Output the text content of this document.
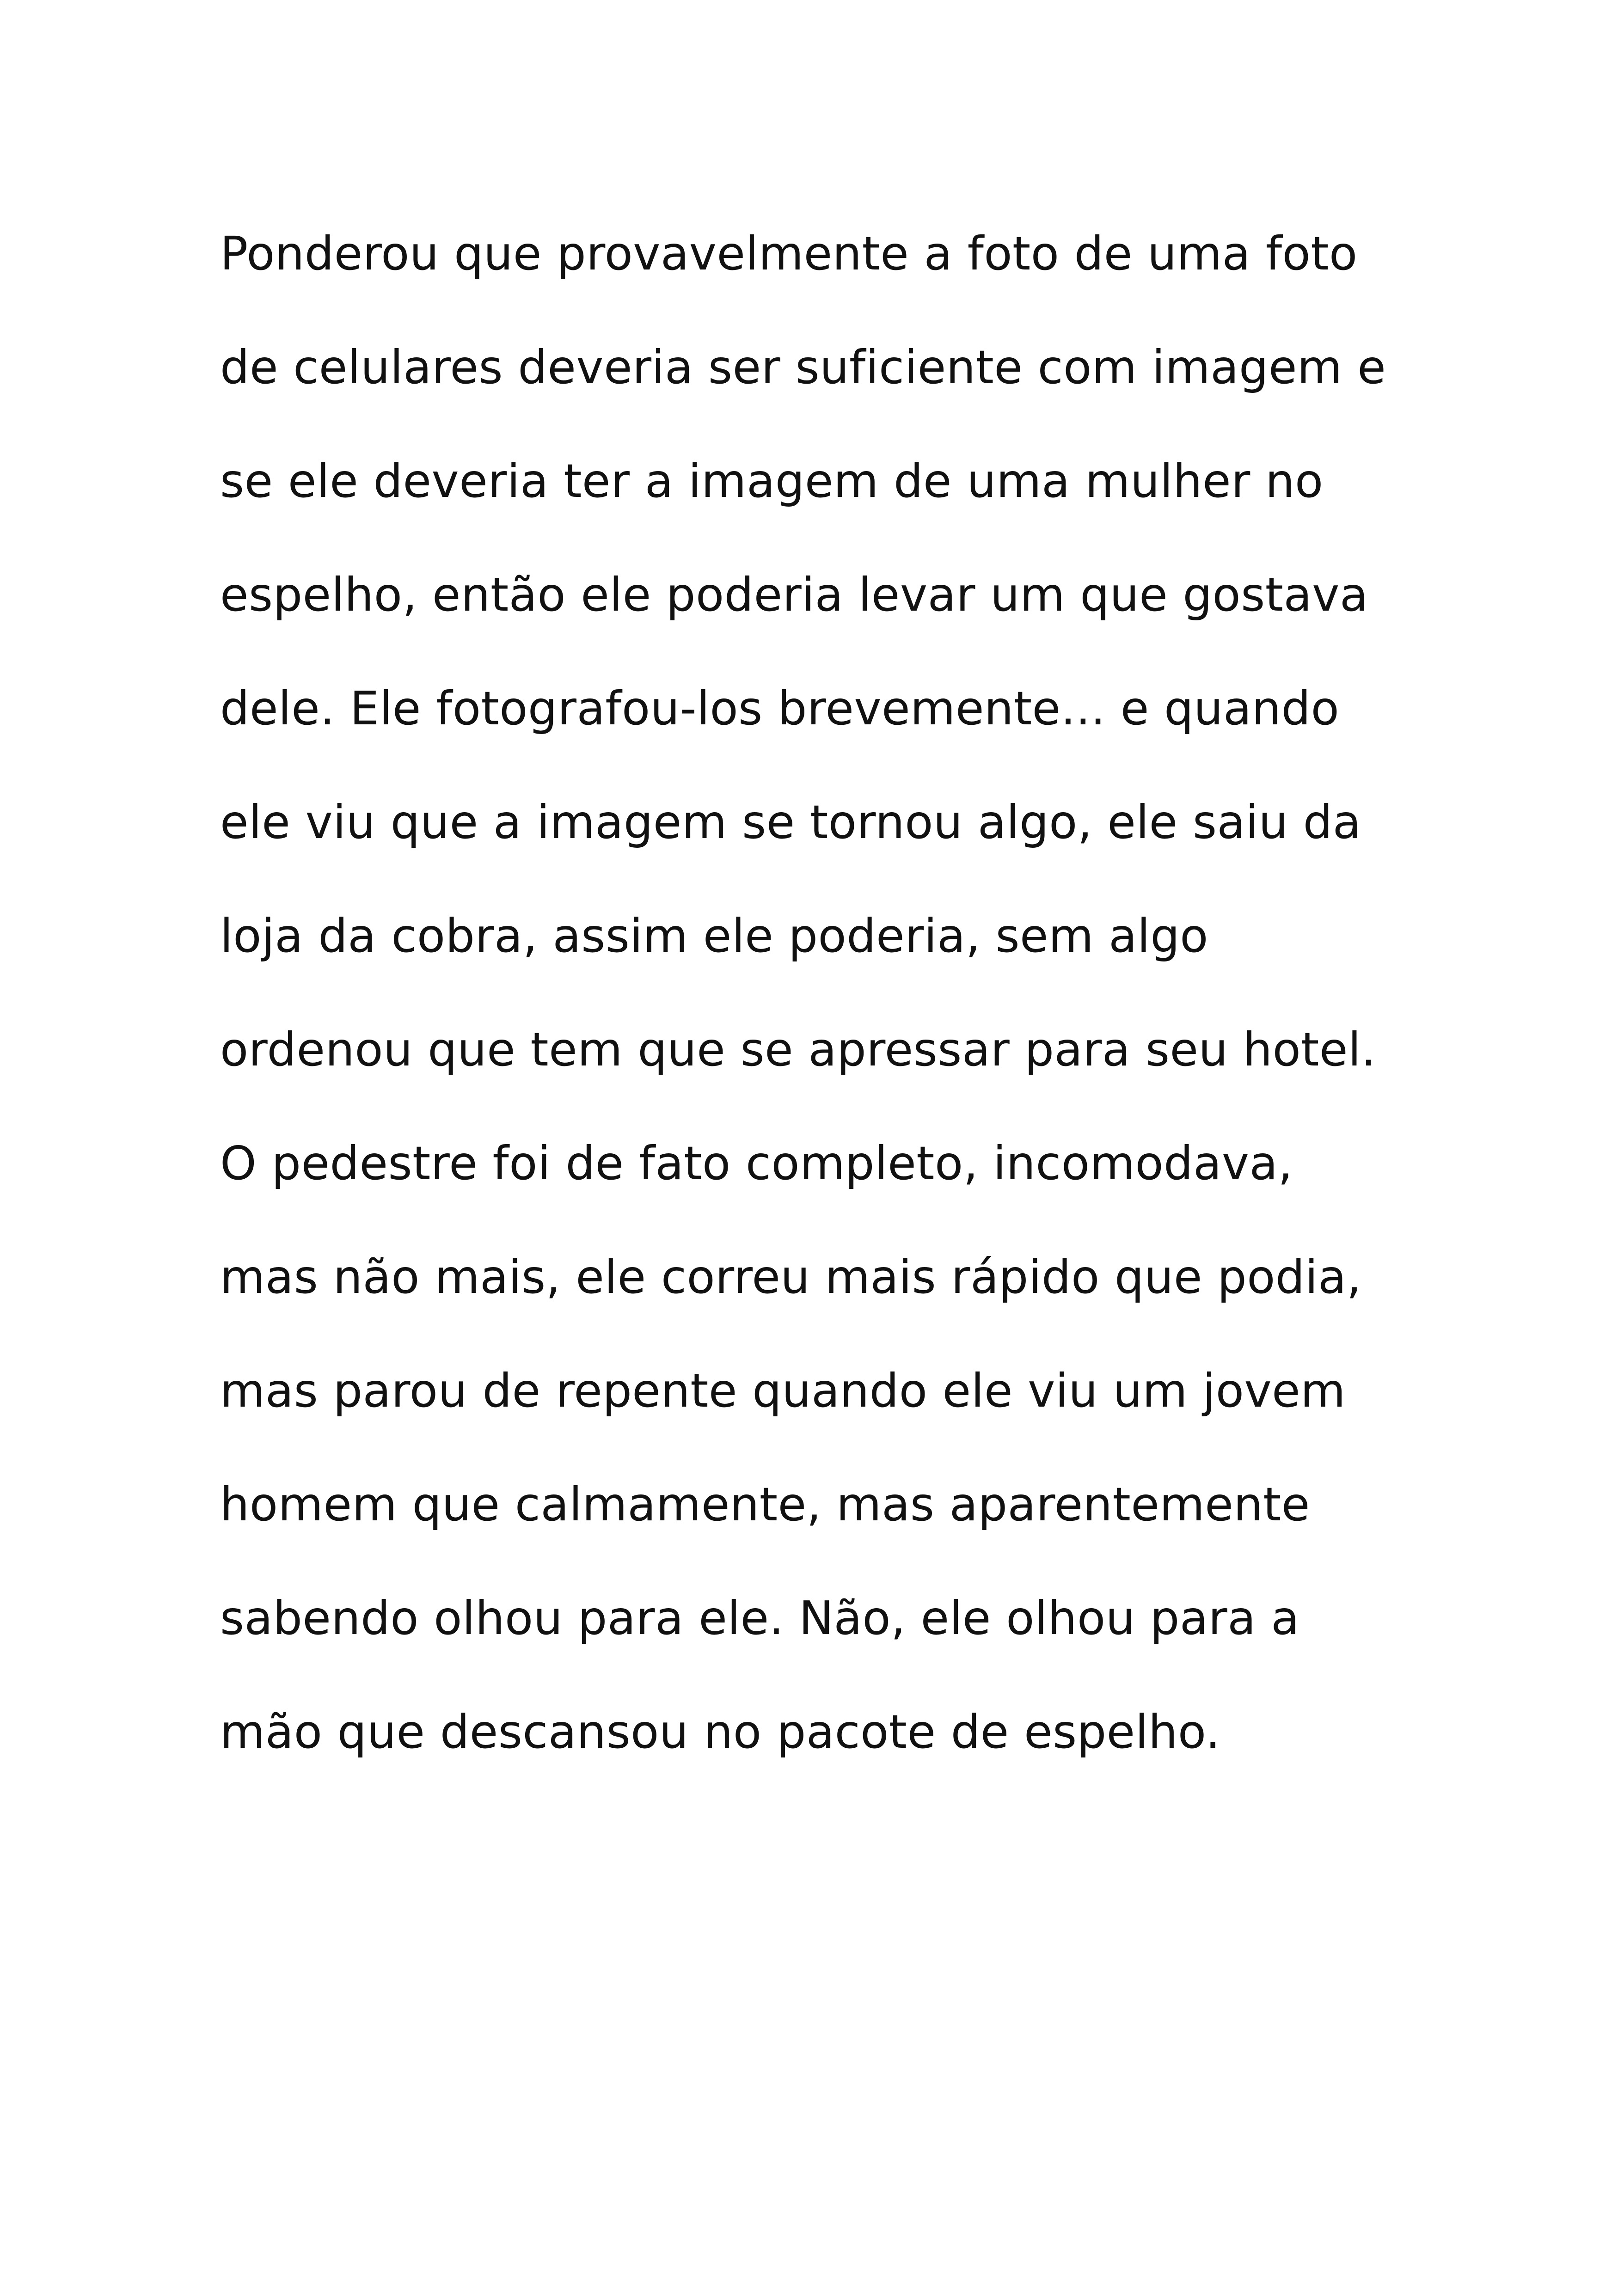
Ponderou que provavelmente a foto de uma foto
de celulares deveria ser suficiente com imagem e
se ele deveria ter a imagem de uma mulher no
espelho, então ele poderia levar um que gostava
dele. Ele fotografou-los brevemente... e quando
ele viu que a imagem se tornou algo, ele saiu da
loja da cobra, assim ele poderia, sem algo
ordenou que tem que se apressar para seu hotel.
O pedestre foi de fato completo, incomodava,
mas não mais, ele correu mais rápido que podia,
mas parou de repente quando ele viu um jovem
homem que calmamente, mas aparentemente
sabendo olhou para ele. Não, ele olhou para a
mão que descansou no pacote de espelho.
